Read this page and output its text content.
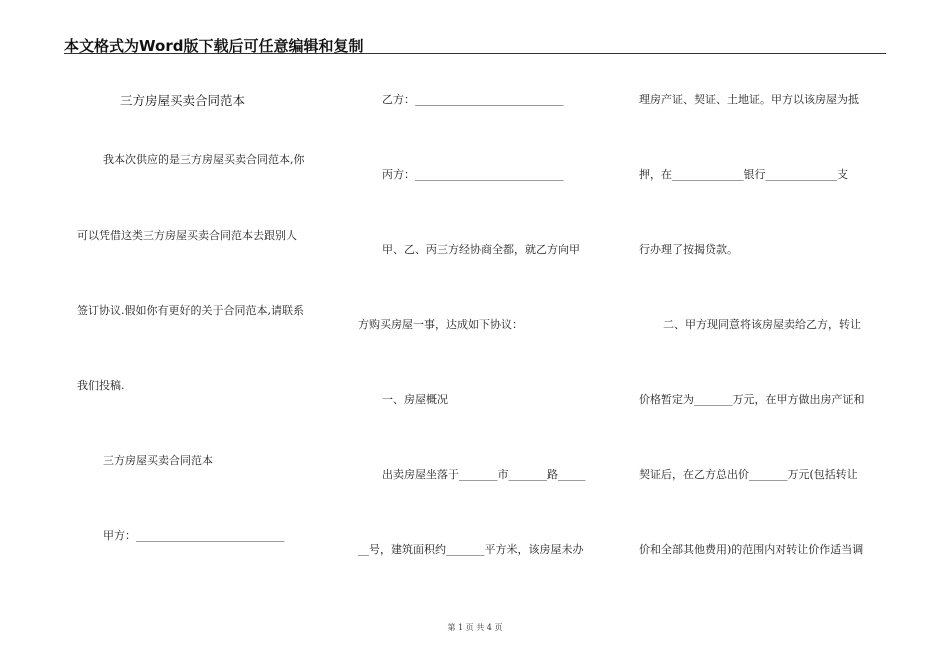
本文格式为Word版下载后可任意编辑和复制
三方房屋买卖合同范本
我本次供应的是三方房屋买卖合同范本,你
可以凭借这类三方房屋买卖合同范本去跟别人
签订协议.假如你有更好的关于合同范本,请联系
我们投稿.
三方房屋买卖合同范本
甲方：___________________________
乙方：___________________________
丙方：___________________________
甲、乙、丙三方经协商全都，就乙方向甲
方购买房屋一事，达成如下协议：
一、房屋概况
出卖房屋坐落于_______市_______路_____
__号，建筑面积约_______平方米，该房屋未办
理房产证、契证、土地证。甲方以该房屋为抵
押，在_____________银行_____________支
行办理了按揭贷款。
二、甲方现同意将该房屋卖给乙方，转让
价格暂定为_______万元，在甲方做出房产证和
契证后，在乙方总出价_______万元(包括转让
价和全部其他费用)的范围内对转让价作适当调
第 1 页 共 4 页
